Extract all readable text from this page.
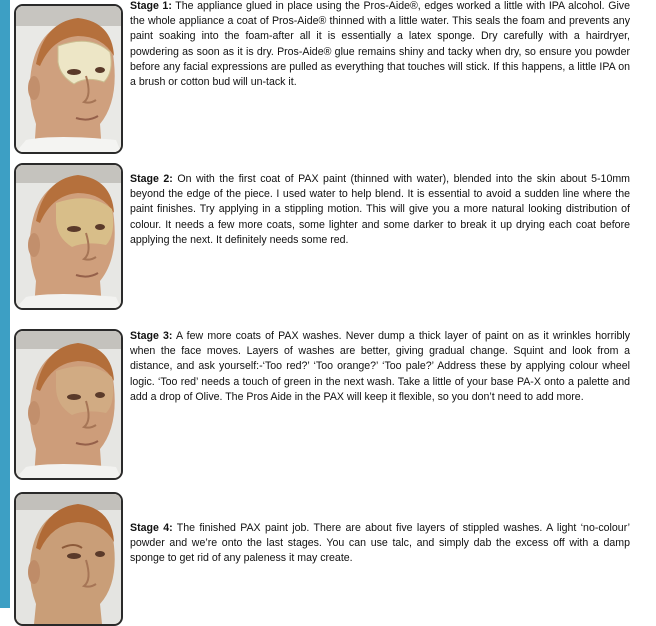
Stage 1: The appliance glued in place using the Pros-Aide®, edges worked a little with IPA alcohol. Give the whole appliance a coat of Pros-Aide® thinned with a little water. This seals the foam and prevents any paint soaking into the foam-after all it is essentially a latex sponge. Dry carefully with a hairdryer, powdering as soon as it is dry. Pros-Aide® glue remains shiny and tacky when dry, so ensure you powder before any facial expressions are pulled as everything that touches will stick. If this happens, a little IPA on a brush or cotton bud will un-tack it.
Stage 2: On with the first coat of PAX paint (thinned with water), blended into the skin about 5-10mm beyond the edge of the piece. I used water to help blend. It is essential to avoid a sudden line where the paint finishes. Try applying in a stippling motion. This will give you a more natural looking distribution of colour. It needs a few more coats, some lighter and some darker to break it up drying each coat before applying the next. It definitely needs some red.
Stage 3: A few more coats of PAX washes. Never dump a thick layer of paint on as it wrinkles horribly when the face moves. Layers of washes are better, giving gradual change. Squint and look from a distance, and ask yourself:-‘Too red?’ ‘Too orange?’ ‘Too pale?’ Address these by applying colour wheel logic. ‘Too red’ needs a touch of green in the next wash. Take a little of your base PA-X onto a palette and add a drop of Olive. The Pros Aide in the PAX will keep it flexible, so you don’t need to add more.
Stage 4: The finished PAX paint job. There are about five layers of stippled washes. A light ‘no-colour’ powder and we’re onto the last stages. You can use talc, and simply dab the excess off with a damp sponge to get rid of any paleness it may create.
